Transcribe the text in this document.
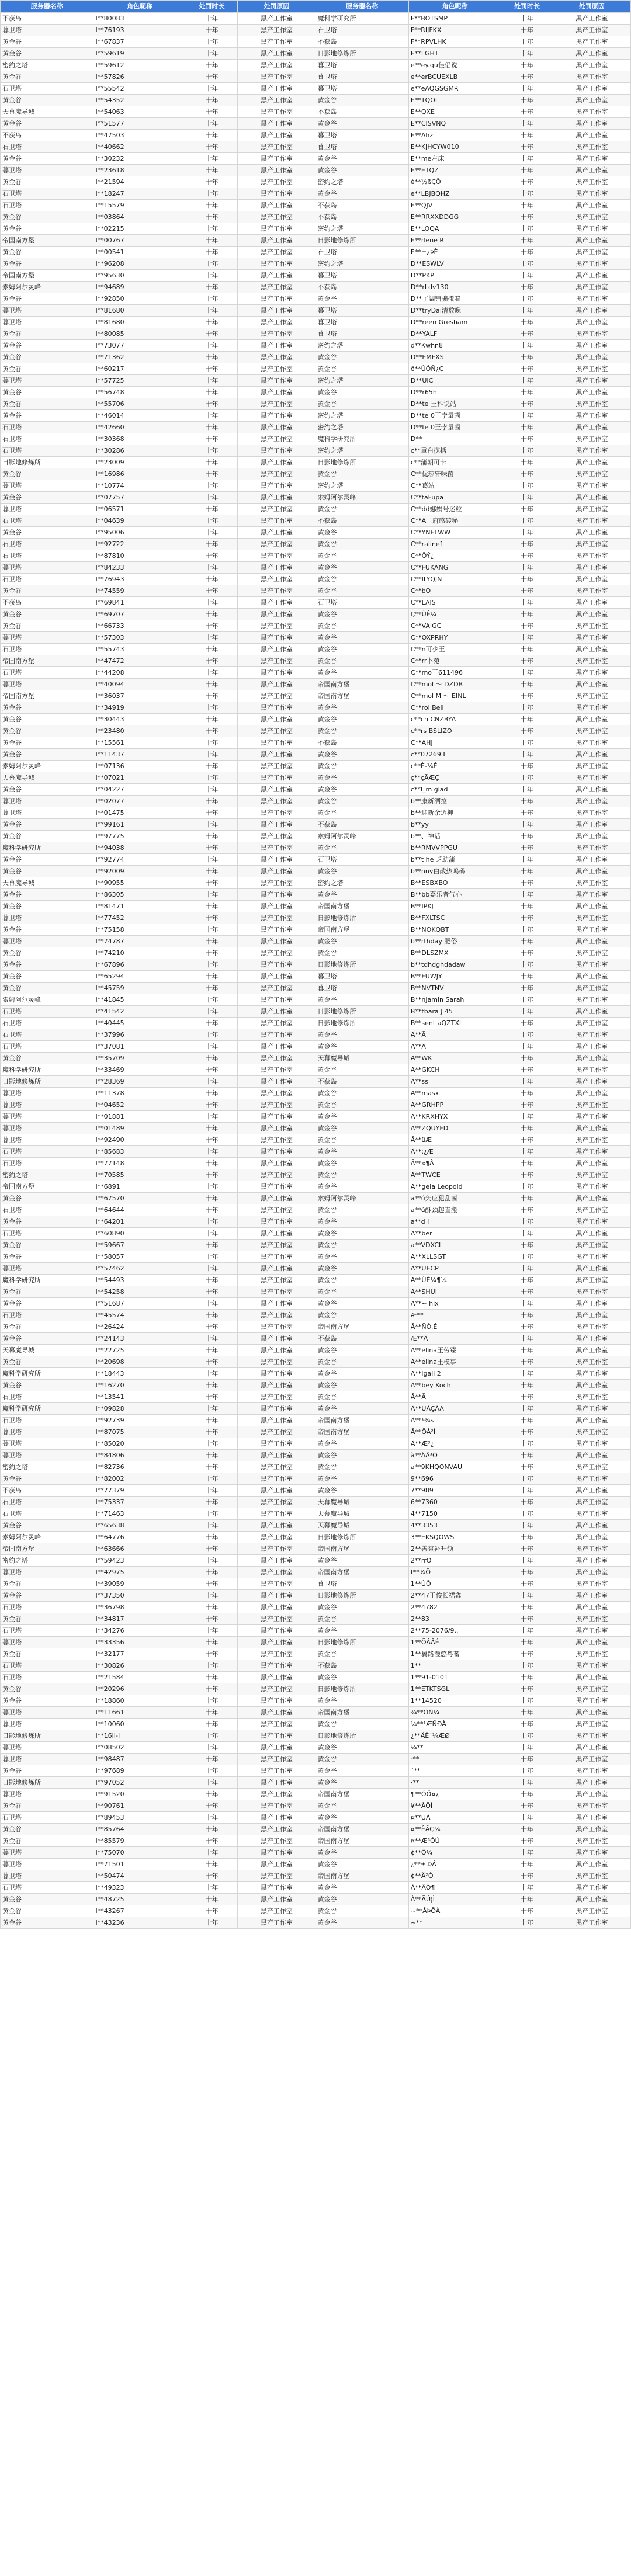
服务器名称	角色昵称	处罚时长	处罚原因	服务器名称	角色昵称	处罚时长	处罚原因
不获岛	I**80083	十年	黑产工作室	魔科学研究所	F**BOTSMP	十年	黑产工作室
暮卫塔	I**76193	十年	黑产工作室	石卫塔	F**RIJFKX	十年	黑产工作室
黄金谷	I**67837	十年	黑产工作室	不获岛	F**RPVLHK	十年	黑产工作室
黄金谷	I**59619	十年	黑产工作室	日影地修炼所	E**LGHT	十年	黑产工作室
密约之塔	I**59612	十年	黑产工作室	暮卫塔	e**ey.qu佳侣说	十年	黑产工作室
黄金谷	I**57826	十年	黑产工作室	暮卫塔	e**erBCUEXLB	十年	黑产工作室
石卫塔	I**55542	十年	黑产工作室	暮卫塔	e**eAQGSGMR	十年	黑产工作室
黄金谷	I**54352	十年	黑产工作室	黄金谷	E**TQOI	十年	黑产工作室
天幕魔导城	I**54063	十年	黑产工作室	不获岛	E**QXE	十年	黑产工作室
黄金谷	I**51577	十年	黑产工作室	黄金谷	E**CISVNQ	十年	黑产工作室
不获岛	I**47503	十年	黑产工作室	暮卫塔	E**Ahz	十年	黑产工作室
石卫塔	I**40662	十年	黑产工作室	暮卫塔	E**KJHCYW010	十年	黑产工作室
黄金谷	I**30232	十年	黑产工作室	黄金谷	E**me左床	十年	黑产工作室
暮卫塔	I**23618	十年	黑产工作室	黄金谷	E**ETQZ	十年	黑产工作室
黄金谷	I**21594	十年	黑产工作室	密约之塔	è**½ßÇÕ	十年	黑产工作室
石卫塔	I**18247	十年	黑产工作室	黄金谷	e**LBJBQHZ	十年	黑产工作室
石卫塔	I**15579	十年	黑产工作室	不获岛	E**QJV	十年	黑产工作室
黄金谷	I**03864	十年	黑产工作室	不获岛	E**RRXXDDGG	十年	黑产工作室
黄金谷	I**02215	十年	黑产工作室	密约之塔	E**LOQA	十年	黑产工作室
帝国南方堡	I**00767	十年	黑产工作室	日影地修炼所	E**rlene R	十年	黑产工作室
黄金谷	I**00541	十年	黑产工作室	石卫塔	E**±¿ÞÈ	十年	黑产工作室
黄金谷	I**96208	十年	黑产工作室	密约之塔	D**ESWLV	十年	黑产工作室
帝国南方堡	I**95630	十年	黑产工作室	暮卫塔	D**PKP	十年	黑产工作室
索姆阿尔灵峰	I**94689	十年	黑产工作室	不获岛	D**rLdv130	十年	黑产工作室
黄金谷	I**92850	十年	黑产工作室	黄金谷	D**了阔铺骗撒着	十年	黑产工作室
暮卫塔	I**81680	十年	黑产工作室	暮卫塔	D**tryDai清数晚	十年	黑产工作室
暮卫塔	I**81680	十年	黑产工作室	暮卫塔	D**reen Gresham	十年	黑产工作室
黄金谷	I**80085	十年	黑产工作室	暮卫塔	D**YALF	十年	黑产工作室
黄金谷	I**73077	十年	黑产工作室	密约之塔	d**Kwhn8	十年	黑产工作室
黄金谷	I**71362	十年	黑产工作室	黄金谷	D**EMFXS	十年	黑产工作室
黄金谷	I**60217	十年	黑产工作室	黄金谷	ð**ÙÔÑ¿Ç	十年	黑产工作室
暮卫塔	I**57725	十年	黑产工作室	密约之塔	D**UIC	十年	黑产工作室
黄金谷	I**56748	十年	黑产工作室	黄金谷	D**r65h	十年	黑产工作室
黄金谷	I**55706	十年	黑产工作室	黄金谷	D**te 王科说站	十年	黑产工作室
黄金谷	I**46014	十年	黑产工作室	密约之塔	D**te 0王孛量菌	十年	黑产工作室
石卫塔	I**42660	十年	黑产工作室	密约之塔	D**te 0王孛量菌	十年	黑产工作室
石卫塔	I**30368	十年	黑产工作室	魔科学研究所	D**	十年	黑产工作室
石卫塔	I**30286	十年	黑产工作室	密约之塔	c**重白揽括	十年	黑产工作室
日影地修炼所	I**23009	十年	黑产工作室	日影地修炼所	c**蒲朝可卡	十年	黑产工作室
黄金谷	I**16986	十年	黑产工作室	黄金谷	C**优琼轩味菌	十年	黑产工作室
暮卫塔	I**10774	十年	黑产工作室	密约之塔	C**葛站	十年	黑产工作室
黄金谷	I**07757	十年	黑产工作室	索姆阿尔灵峰	C**taFupa	十年	黑产工作室
暮卫塔	I**06571	十年	黑产工作室	黄金谷	C**dd娜娟号迷粒	十年	黑产工作室
石卫塔	I**04639	十年	黑产工作室	不获岛	C**A王府感砖秘	十年	黑产工作室
黄金谷	I**95006	十年	黑产工作室	黄金谷	C**YNFTWW	十年	黑产工作室
石卫塔	I**92722	十年	黑产工作室	黄金谷	C**raline1	十年	黑产工作室
石卫塔	I**87810	十年	黑产工作室	黄金谷	C**ÕÝ¿	十年	黑产工作室
暮卫塔	I**84233	十年	黑产工作室	黄金谷	C**FUKANG	十年	黑产工作室
石卫塔	I**76943	十年	黑产工作室	黄金谷	C**ILYQJN	十年	黑产工作室
黄金谷	I**74559	十年	黑产工作室	黄金谷	C**bO	十年	黑产工作室
不获岛	I**69841	十年	黑产工作室	石卫塔	C**LAIS	十年	黑产工作室
黄金谷	I**69707	十年	黑产工作室	黄金谷	Ç**ÙÊ¼	十年	黑产工作室
黄金谷	I**66733	十年	黑产工作室	黄金谷	C**VAIGC	十年	黑产工作室
暮卫塔	I**57303	十年	黑产工作室	黄金谷	C**OXPRHY	十年	黑产工作室
石卫塔	I**55743	十年	黑产工作室	黄金谷	C**n可少王	十年	黑产工作室
帝国南方堡	I**47472	十年	黑产工作室	黄金谷	C**rr卜苑	十年	黑产工作室
石卫塔	I**44208	十年	黑产工作室	黄金谷	C**mo王611496	十年	黑产工作室
暮卫塔	I**40094	十年	黑产工作室	帝国南方堡	C**mol ～ DZDB	十年	黑产工作室
帝国南方堡	I**36037	十年	黑产工作室	帝国南方堡	C**mol M ～ EINL	十年	黑产工作室
黄金谷	I**34919	十年	黑产工作室	黄金谷	C**rol Bell	十年	黑产工作室
黄金谷	I**30443	十年	黑产工作室	黄金谷	c**ch CNZBYA	十年	黑产工作室
黄金谷	I**23480	十年	黑产工作室	黄金谷	c**rs BSLIZO	十年	黑产工作室
黄金谷	I**15561	十年	黑产工作室	不获岛	C**AHJ	十年	黑产工作室
黄金谷	I**11437	十年	黑产工作室	黄金谷	c**072693	十年	黑产工作室
索姆阿尔灵峰	I**07136	十年	黑产工作室	黄金谷	c**È-¼É	十年	黑产工作室
天幕魔导城	I**07021	十年	黑产工作室	黄金谷	ç**çÃÆÇ	十年	黑产工作室
黄金谷	I**04227	十年	黑产工作室	黄金谷	c**l_m glad	十年	黑产工作室
暮卫塔	I**02077	十年	黑产工作室	黄金谷	b**康新洒拉	十年	黑产工作室
暮卫塔	I**01475	十年	黑产工作室	黄金谷	b**迎新余迈柳	十年	黑产工作室
黄金谷	I**99161	十年	黑产工作室	不获岛	b**yy	十年	黑产工作室
黄金谷	I**97775	十年	黑产工作室	索姆阿尔灵峰	b**、神话	十年	黑产工作室
魔科学研究所	I**94038	十年	黑产工作室	黄金谷	b**RMVVPPGU	十年	黑产工作室
黄金谷	I**92774	十年	黑产工作室	石卫塔	b**t he 芝助蒲	十年	黑产工作室
黄金谷	I**92009	十年	黑产工作室	黄金谷	b**nny白散热呜码	十年	黑产工作室
天幕魔导城	I**90955	十年	黑产工作室	密约之塔	B**ESBXBO	十年	黑产工作室
黄金谷	I**86305	十年	黑产工作室	黄金谷	B**bb嘉乐者气心	十年	黑产工作室
黄金谷	I**81471	十年	黑产工作室	帝国南方堡	B**IPKJ	十年	黑产工作室
暮卫塔	I**77452	十年	黑产工作室	日影地修炼所	B**FXLTSC	十年	黑产工作室
黄金谷	I**75158	十年	黑产工作室	帝国南方堡	B**NOKQBT	十年	黑产工作室
暮卫塔	I**74787	十年	黑产工作室	黄金谷	b**rthday 肥俗	十年	黑产工作室
黄金谷	I**74210	十年	黑产工作室	黄金谷	B**DLSZMX	十年	黑产工作室
黄金谷	I**67896	十年	黑产工作室	日影地修炼所	b**tdhdghdadaw	十年	黑产工作室
黄金谷	I**65294	十年	黑产工作室	暮卫塔	B**FUWJY	十年	黑产工作室
黄金谷	I**45759	十年	黑产工作室	暮卫塔	B**NVTNV	十年	黑产工作室
索姆阿尔灵峰	I**41845	十年	黑产工作室	黄金谷	B**njamin Sarah	十年	黑产工作室
石卫塔	I**41542	十年	黑产工作室	日影地修炼所	B**tbara J 45	十年	黑产工作室
石卫塔	I**40445	十年	黑产工作室	日影地修炼所	B**sent aQZTXL	十年	黑产工作室
石卫塔	I**37996	十年	黑产工作室	黄金谷	A**Ã	十年	黑产工作室
石卫塔	I**37081	十年	黑产工作室	黄金谷	A**Ã	十年	黑产工作室
黄金谷	I**35709	十年	黑产工作室	天幕魔导城	A**WK	十年	黑产工作室
魔科学研究所	I**33469	十年	黑产工作室	黄金谷	A**GKCH	十年	黑产工作室
日影地修炼所	I**28369	十年	黑产工作室	不获岛	A**ss	十年	黑产工作室
暮卫塔	I**11378	十年	黑产工作室	黄金谷	A**masx	十年	黑产工作室
暮卫塔	I**04652	十年	黑产工作室	黄金谷	A**GRHPP	十年	黑产工作室
暮卫塔	I**01881	十年	黑产工作室	黄金谷	A**KRXHYX	十年	黑产工作室
暮卫塔	I**01489	十年	黑产工作室	黄金谷	A**ZQUYFD	十年	黑产工作室
暮卫塔	I**92490	十年	黑产工作室	黄金谷	Ã**üÆ	十年	黑产工作室
石卫塔	I**85683	十年	黑产工作室	黄金谷	Ã**:¿Æ	十年	黑产工作室
石卫塔	I**77148	十年	黑产工作室	黄金谷	Ã**«¶Â	十年	黑产工作室
密约之塔	I**70585	十年	黑产工作室	黄金谷	A**TWCE	十年	黑产工作室
帝国南方堡	I**6891	十年	黑产工作室	黄金谷	A**gela Leopold	十年	黑产工作室
黄金谷	I**67570	十年	黑产工作室	索姆阿尔灵峰	a**ú矢应犯乱菌	十年	黑产工作室
石卫塔	I**64644	十年	黑产工作室	黄金谷	a**ú酥颈趣直搬	十年	黑产工作室
黄金谷	I**64201	十年	黑产工作室	黄金谷	a**d I	十年	黑产工作室
石卫塔	I**60890	十年	黑产工作室	黄金谷	A**ber	十年	黑产工作室
黄金谷	I**59667	十年	黑产工作室	黄金谷	a**VDXCI	十年	黑产工作室
黄金谷	I**58057	十年	黑产工作室	黄金谷	A**XLLSGT	十年	黑产工作室
暮卫塔	I**57462	十年	黑产工作室	黄金谷	A**UECP	十年	黑产工作室
魔科学研究所	I**54493	十年	黑产工作室	黄金谷	A**ÙÈ¼¶¼	十年	黑产工作室
黄金谷	I**54258	十年	黑产工作室	黄金谷	A**SHUI	十年	黑产工作室
黄金谷	I**51687	十年	黑产工作室	黄金谷	A**~ hix	十年	黑产工作室
石卫塔	I**45574	十年	黑产工作室	黄金谷	Æ**	十年	黑产工作室
黄金谷	I**26424	十年	黑产工作室	帝国南方堡	Ã**ÑÔ.É	十年	黑产工作室
黄金谷	I**24143	十年	黑产工作室	不获岛	Æ**Ã	十年	黑产工作室
天幕魔导城	I**22725	十年	黑产工作室	黄金谷	A**elina王劳臻	十年	黑产工作室
黄金谷	I**20698	十年	黑产工作室	黄金谷	A**elina王模事	十年	黑产工作室
魔科学研究所	I**18443	十年	黑产工作室	黄金谷	A**igail 2	十年	黑产工作室
黄金谷	I**16270	十年	黑产工作室	黄金谷	A**bey Koch	十年	黑产工作室
石卫塔	I**13541	十年	黑产工作室	黄金谷	Ã**Ã	十年	黑产工作室
魔科学研究所	I**09828	十年	黑产工作室	黄金谷	Ã**ÚÀÇÁÃ	十年	黑产工作室
石卫塔	I**92739	十年	黑产工作室	帝国南方堡	Ã**¹¾s	十年	黑产工作室
暮卫塔	I**87075	十年	黑产工作室	帝国南方堡	Ã**ÕÂ²Í	十年	黑产工作室
暮卫塔	I**85020	十年	黑产工作室	黄金谷	Ã**Æ³¿	十年	黑产工作室
暮卫塔	I**84806	十年	黑产工作室	黄金谷	à**ÄÅ³Ó	十年	黑产工作室
密约之塔	I**82736	十年	黑产工作室	黄金谷	a**9KHQONVAU	十年	黑产工作室
黄金谷	I**82002	十年	黑产工作室	黄金谷	9**696	十年	黑产工作室
不获岛	I**77379	十年	黑产工作室	黄金谷	7**989	十年	黑产工作室
石卫塔	I**75337	十年	黑产工作室	天幕魔导城	6**7360	十年	黑产工作室
石卫塔	I**71463	十年	黑产工作室	天幕魔导城	4**7150	十年	黑产工作室
黄金谷	I**65638	十年	黑产工作室	天幕魔导城	4**3353	十年	黑产工作室
索姆阿尔灵峰	I**64776	十年	黑产工作室	日影地修炼所	3**EKSQOWS	十年	黑产工作室
帝国南方堡	I**63666	十年	黑产工作室	帝国南方堡	2**善爽补升领	十年	黑产工作室
密约之塔	I**59423	十年	黑产工作室	黄金谷	2**rrO	十年	黑产工作室
暮卫塔	I**42975	十年	黑产工作室	帝国南方堡	f**¾Õ	十年	黑产工作室
黄金谷	I**39059	十年	黑产工作室	暮卫塔	1**ÙÕ	十年	黑产工作室
黄金谷	I**37350	十年	黑产工作室	日影地修炼所	2**47王俊长裙鑫	十年	黑产工作室
石卫塔	I**36798	十年	黑产工作室	黄金谷	2**4782	十年	黑产工作室
黄金谷	I**34817	十年	黑产工作室	黄金谷	2**83	十年	黑产工作室
石卫塔	I**34276	十年	黑产工作室	黄金谷	2**75-2076/9..	十年	黑产工作室
暮卫塔	I**33356	十年	黑产工作室	日影地修炼所	1**ÕÁÂÉ	十年	黑产工作室
黄金谷	I**32177	十年	黑产工作室	黄金谷	1**翼路漫憨粤蓄	十年	黑产工作室
石卫塔	I**30826	十年	黑产工作室	不获岛	1**	十年	黑产工作室
石卫塔	I**21584	十年	黑产工作室	黄金谷	1**91-0101	十年	黑产工作室
黄金谷	I**20296	十年	黑产工作室	日影地修炼所	1**ETKTSGL	十年	黑产工作室
黄金谷	I**18860	十年	黑产工作室	黄金谷	1**14520	十年	黑产工作室
暮卫塔	I**11661	十年	黑产工作室	帝国南方堡	¾**ÔÑ¼	十年	黑产工作室
暮卫塔	I**10060	十年	黑产工作室	黄金谷	¼**¹ÆÑÐÀ	十年	黑产工作室
日影地修炼所	I**16iI-I	十年	黑产工作室	日影地修炼所	¿**ÄË´¼ÆØ	十年	黑产工作室
暮卫塔	I**08502	十年	黑产工作室	黄金谷	¼**	十年	黑产工作室
暮卫塔	I**98487	十年	黑产工作室	黄金谷	·**	十年	黑产工作室
黄金谷	I**97689	十年	黑产工作室	黄金谷	´**	十年	黑产工作室
日影地修炼所	I**97052	十年	黑产工作室	黄金谷	·**	十年	黑产工作室
暮卫塔	I**91520	十年	黑产工作室	帝国南方堡	¶**ÓÖ¤¿	十年	黑产工作室
黄金谷	I**90761	十年	黑产工作室	黄金谷	¥**ÀÕÌ	十年	黑产工作室
石卫塔	I**89453	十年	黑产工作室	黄金谷	¤**ÜÀ	十年	黑产工作室
黄金谷	I**85764	十年	黑产工作室	帝国南方堡	¤**ÊÃÇ¾	十年	黑产工作室
黄金谷	I**85579	十年	黑产工作室	帝国南方堡	¤**Æ³ÔÚ	十年	黑产工作室
暮卫塔	I**75070	十年	黑产工作室	黄金谷	¢**Ô¼	十年	黑产工作室
暮卫塔	I**71501	十年	黑产工作室	黄金谷	¿**±.ÞÁ	十年	黑产工作室
暮卫塔	I**50474	十年	黑产工作室	帝国南方堡	¢**Ä²Ò	十年	黑产工作室
石卫塔	I**49323	十年	黑产工作室	黄金谷	À**ÂÔ¶	十年	黑产工作室
黄金谷	I**48725	十年	黑产工作室	黄金谷	À**ÃÚ¦Ì	十年	黑产工作室
黄金谷	I**43267	十年	黑产工作室	黄金谷	~**ÅÞÕÀ	十年	黑产工作室
黄金谷	I**43236	十年	黑产工作室	黄金谷	~**	十年	黑产工作室
